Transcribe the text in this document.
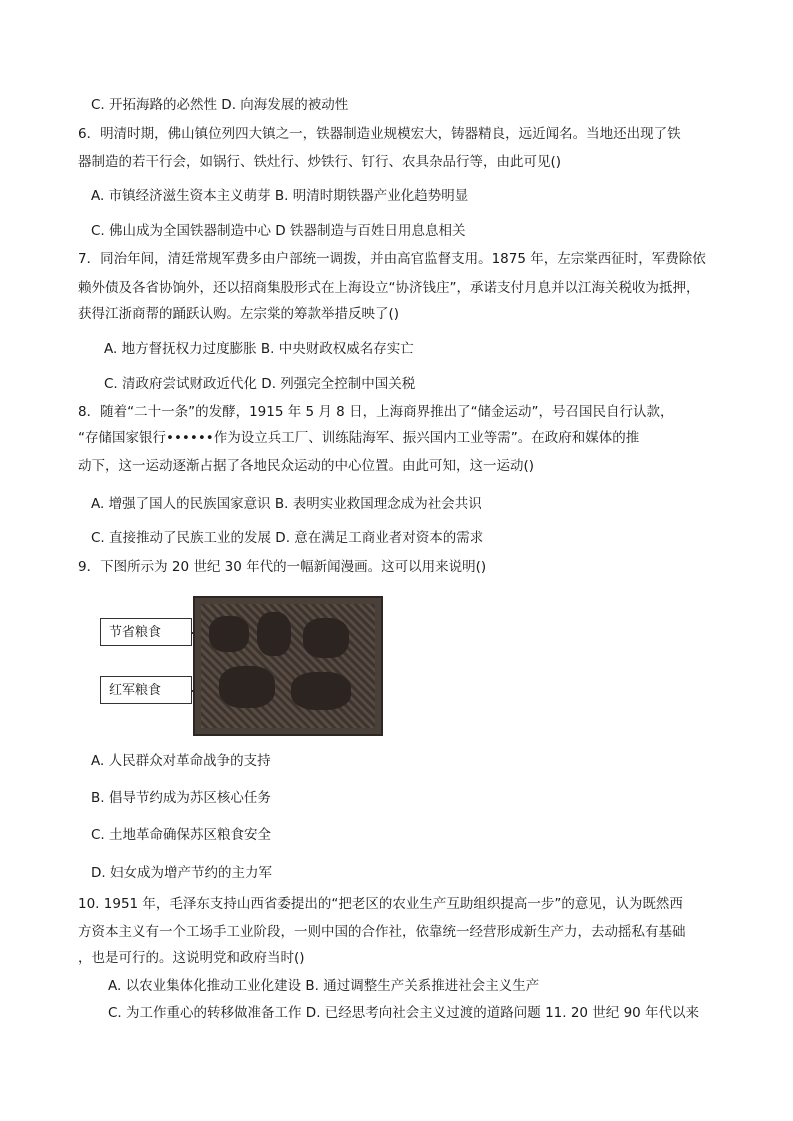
C. 开拓海路的必然性 D. 向海发展的被动性
6．明清时期，佛山镇位列四大镇之一，铁器制造业规模宏大，铸器精良，远近闻名。当地还出现了铁
器制造的若干行会，如锅行、铁灶行、炒铁行、钉行、农具杂品行等，由此可见()
A. 市镇经济滋生资本主义萌芽 B. 明清时期铁器产业化趋势明显
C. 佛山成为全国铁器制造中心 D 铁器制造与百姓日用息息相关
7．同治年间，清廷常规军费多由户部统一调拨，并由高官监督支用。1875 年，左宗棠西征时，军费除依
赖外债及各省协饷外，还以招商集股形式在上海设立“协济钱庄”，承诺支付月息并以江海关税收为抵押，
获得江浙商帮的踊跃认购。左宗棠的筹款举措反映了()
A. 地方督抚权力过度膨胀 B. 中央财政权威名存实亡
C. 清政府尝试财政近代化 D. 列强完全控制中国关税
8．随着“二十一条”的发酵，1915 年 5 月 8 日，上海商界推出了“储金运动”，号召国民自行认款，
“存储国家银行••••••作为设立兵工厂、训练陆海军、振兴国内工业等需”。在政府和媒体的推
动下，这一运动逐渐占据了各地民众运动的中心位置。由此可知，这一运动()
A. 增强了国人的民族国家意识 B. 表明实业救国理念成为社会共识
C. 直接推动了民族工业的发展 D. 意在满足工商业者对资本的需求
9．下图所示为 20 世纪 30 年代的一幅新闻漫画。这可以用来说明()
节省粮食
红军粮食
A. 人民群众对革命战争的支持
B. 倡导节约成为苏区核心任务
C. 土地革命确保苏区粮食安全
D. 妇女成为增产节约的主力军
10. 1951 年，毛泽东支持山西省委提出的“把老区的农业生产互助组织提高一步”的意见，认为既然西
方资本主义有一个工场手工业阶段，一则中国的合作社，依靠统一经营形成新生产力，去动摇私有基础
，也是可行的。这说明党和政府当时()
A. 以农业集体化推动工业化建设 B. 通过调整生产关系推进社会主义生产
C. 为工作重心的转移做准备工作 D. 已经思考向社会主义过渡的道路问题 11. 20 世纪 90 年代以来
